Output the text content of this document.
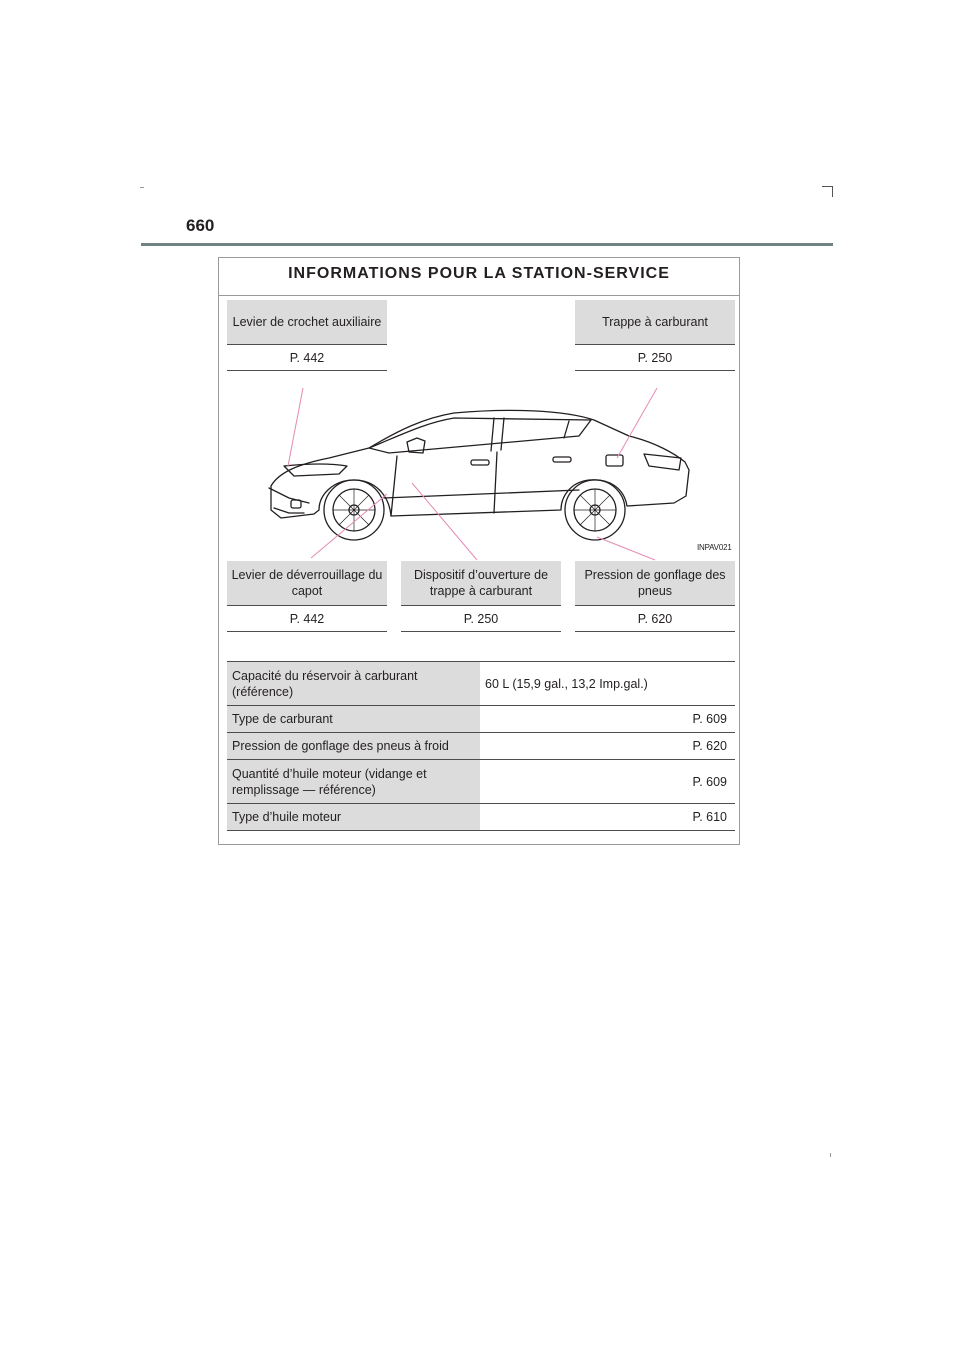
660
INFORMATIONS POUR LA STATION-SERVICE
INPAV021
Levier de crochet auxiliaire
P. 442
Trappe à carburant
P. 250
Levier de déverrouillage du capot
P. 442
Dispositif d’ouverture de trappe à carburant
P. 250
Pression de gonflage des pneus
P. 620
Capacité du réservoir à carburant (référence)	60 L (15,9 gal., 13,2 Imp.gal.)
Type de carburant	P. 609
Pression de gonflage des pneus à froid	P. 620
Quantité d’huile moteur (vidange et remplissage — référence)	P. 609
Type d’huile moteur	P. 610
